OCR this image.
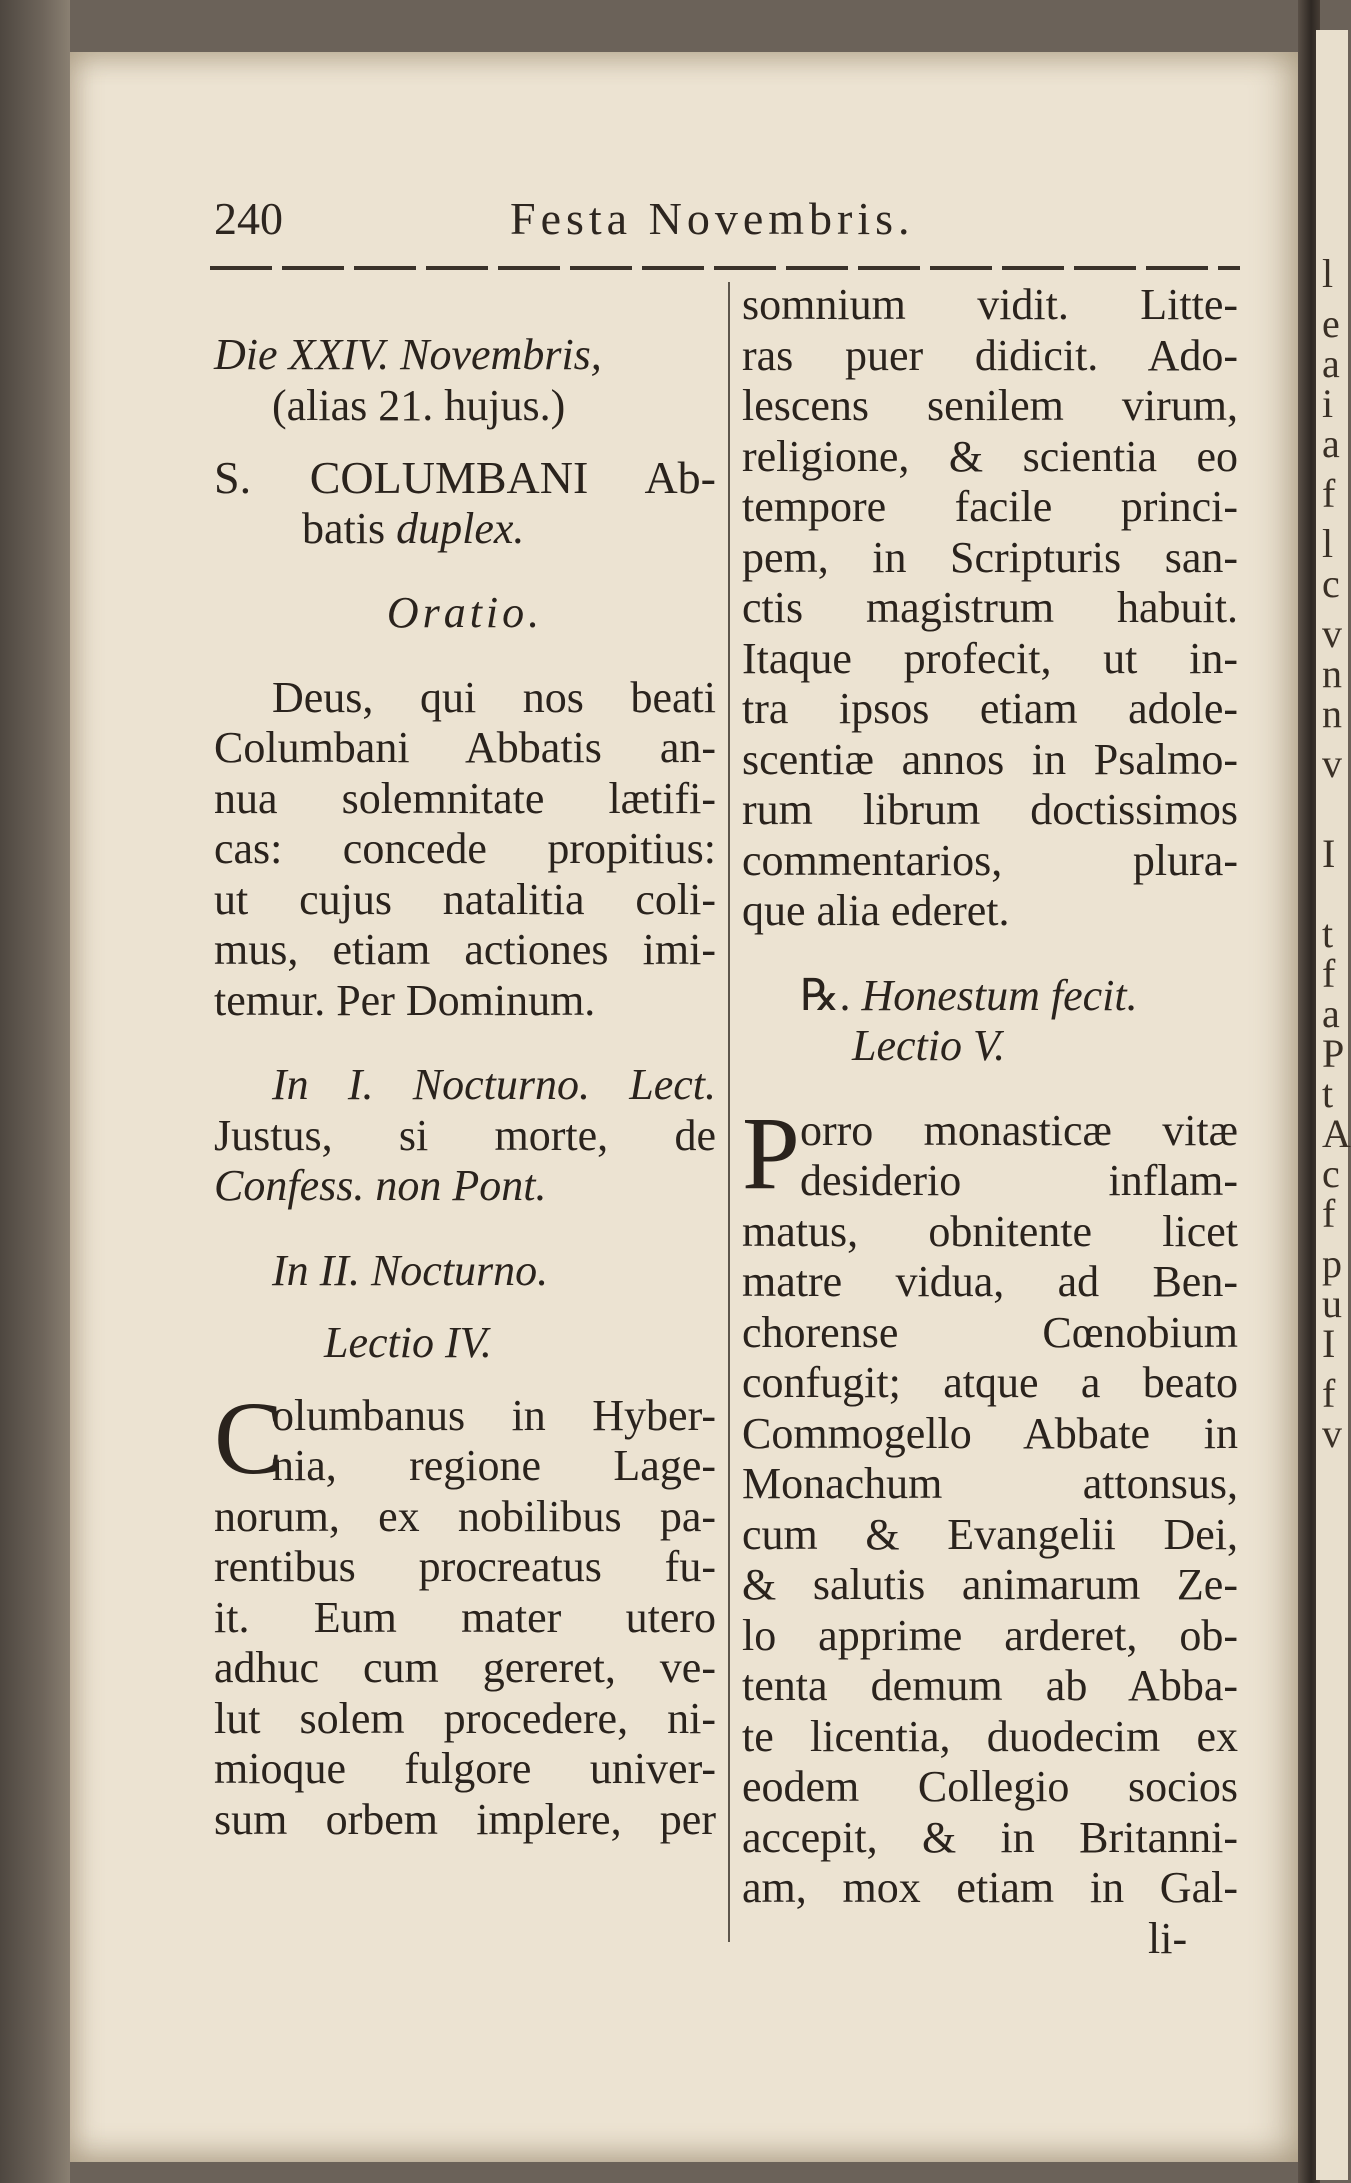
l
e
a
i
a
f
l
c
v
n
n
v
I
t
f
a
P
t
A
c
f
p
u
I
f
v
240	Festa Novembris.
Die XXIV. Novembris,
(alias 21. hujus.)
S. COLUMBANI Ab-
batis duplex.
Oratio.
Deus, qui nos beati
Columbani Abbatis an-
nua solemnitate lætifi-
cas: concede propitius:
ut cujus natalitia coli-
mus, etiam actiones imi-
temur. Per Dominum.
In I. Nocturno. Lect.
Justus, si morte, de
Confess. non Pont.
In II. Nocturno.
Lectio IV.
C
olumbanus in Hyber-
nia, regione Lage-
norum, ex nobilibus pa-
rentibus procreatus fu-
it. Eum mater utero
adhuc cum gereret, ve-
lut solem procedere, ni-
mioque fulgore univer-
sum orbem implere, per
somnium vidit. Litte-
ras puer didicit. Ado-
lescens senilem virum,
religione, & scientia eo
tempore facile princi-
pem, in Scripturis san-
ctis magistrum habuit.
Itaque profecit, ut in-
tra ipsos etiam adole-
scentiæ annos in Psalmo-
rum librum doctissimos
commentarios, plura-
que alia ederet.
℞. Honestum fecit.
Lectio V.
P orro monasticæ vitæ
desiderio inflam-
matus, obnitente licet
matre vidua, ad Ben-
chorense Cœnobium
confugit; atque a beato
Commogello Abbate in
Monachum attonsus,
cum & Evangelii Dei,
& salutis animarum Ze-
lo apprime arderet, ob-
tenta demum ab Abba-
te licentia, duodecim ex
eodem Collegio socios
accepit, & in Britanni-
am, mox etiam in Gal-
li-
